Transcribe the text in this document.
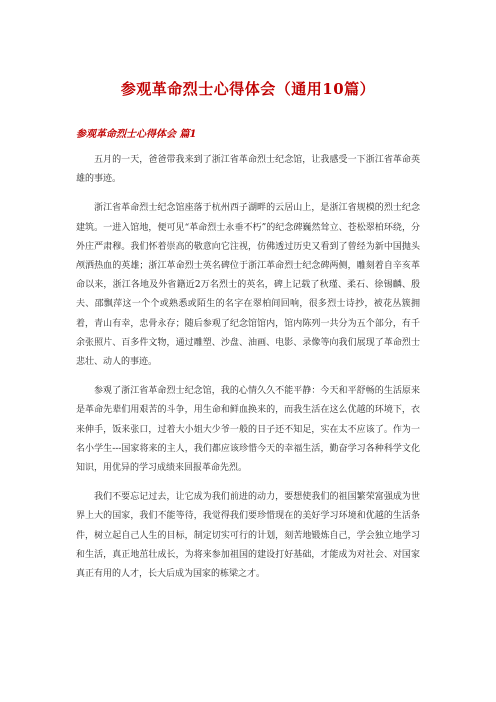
参观革命烈士心得体会（通用10篇）
参观革命烈士心得体会 篇1

五月的一天，爸爸带我来到了浙江省革命烈士纪念馆，让我感受一下浙江省革命英雄的事迹。

浙江省革命烈士纪念馆座落于杭州西子湖畔的云居山上，是浙江省规模的烈士纪念建筑。一进入馆地，便可见“革命烈士永垂不朽”的纪念碑巍然耸立、苍松翠柏环绕，分外庄严肃穆。我们怀着崇高的敬意向它注视，仿佛透过历史又看到了曾经为新中国抛头颅洒热血的英雄；浙江革命烈士英名碑位于浙江革命烈士纪念碑两侧，雕刻着自辛亥革命以来，浙江各地及外省籍近2万名烈士的英名，碑上记载了秋瑾、柔石、徐锡麟、殷夫、邵飘萍这一个个或熟悉或陌生的名字在翠柏间回响，很多烈士诗抄，被花丛簇拥着，青山有幸，忠骨永存；随后参观了纪念馆馆内，馆内陈列一共分为五个部分，有千余张照片、百多件文物，通过雕塑、沙盘、油画、电影、录像等向我们展现了革命烈士悲壮、动人的事迹。

参观了浙江省革命烈士纪念馆，我的心情久久不能平静：今天和平舒畅的生活原来是革命先辈们用艰苦的斗争，用生命和鲜血换来的，而我生活在这么优越的环境下，衣来伸手，饭来张口，过着大小姐大少爷一般的日子还不知足，实在太不应该了。作为一名小学生---国家将来的主人，我们都应该珍惜今天的幸福生活，勤奋学习各种科学文化知识，用优异的学习成绩来回报革命先烈。

我们不要忘记过去，让它成为我们前进的动力，要想使我们的祖国繁荣富强成为世界上大的国家，我们不能等待，我觉得我们要珍惜现在的美好学习环境和优越的生活条件，树立起自己人生的目标，制定切实可行的计划，刻苦地锻炼自己，学会独立地学习和生活，真正地茁壮成长，为将来参加祖国的建设打好基础，才能成为对社会、对国家真正有用的人才，长大后成为国家的栋梁之才。
